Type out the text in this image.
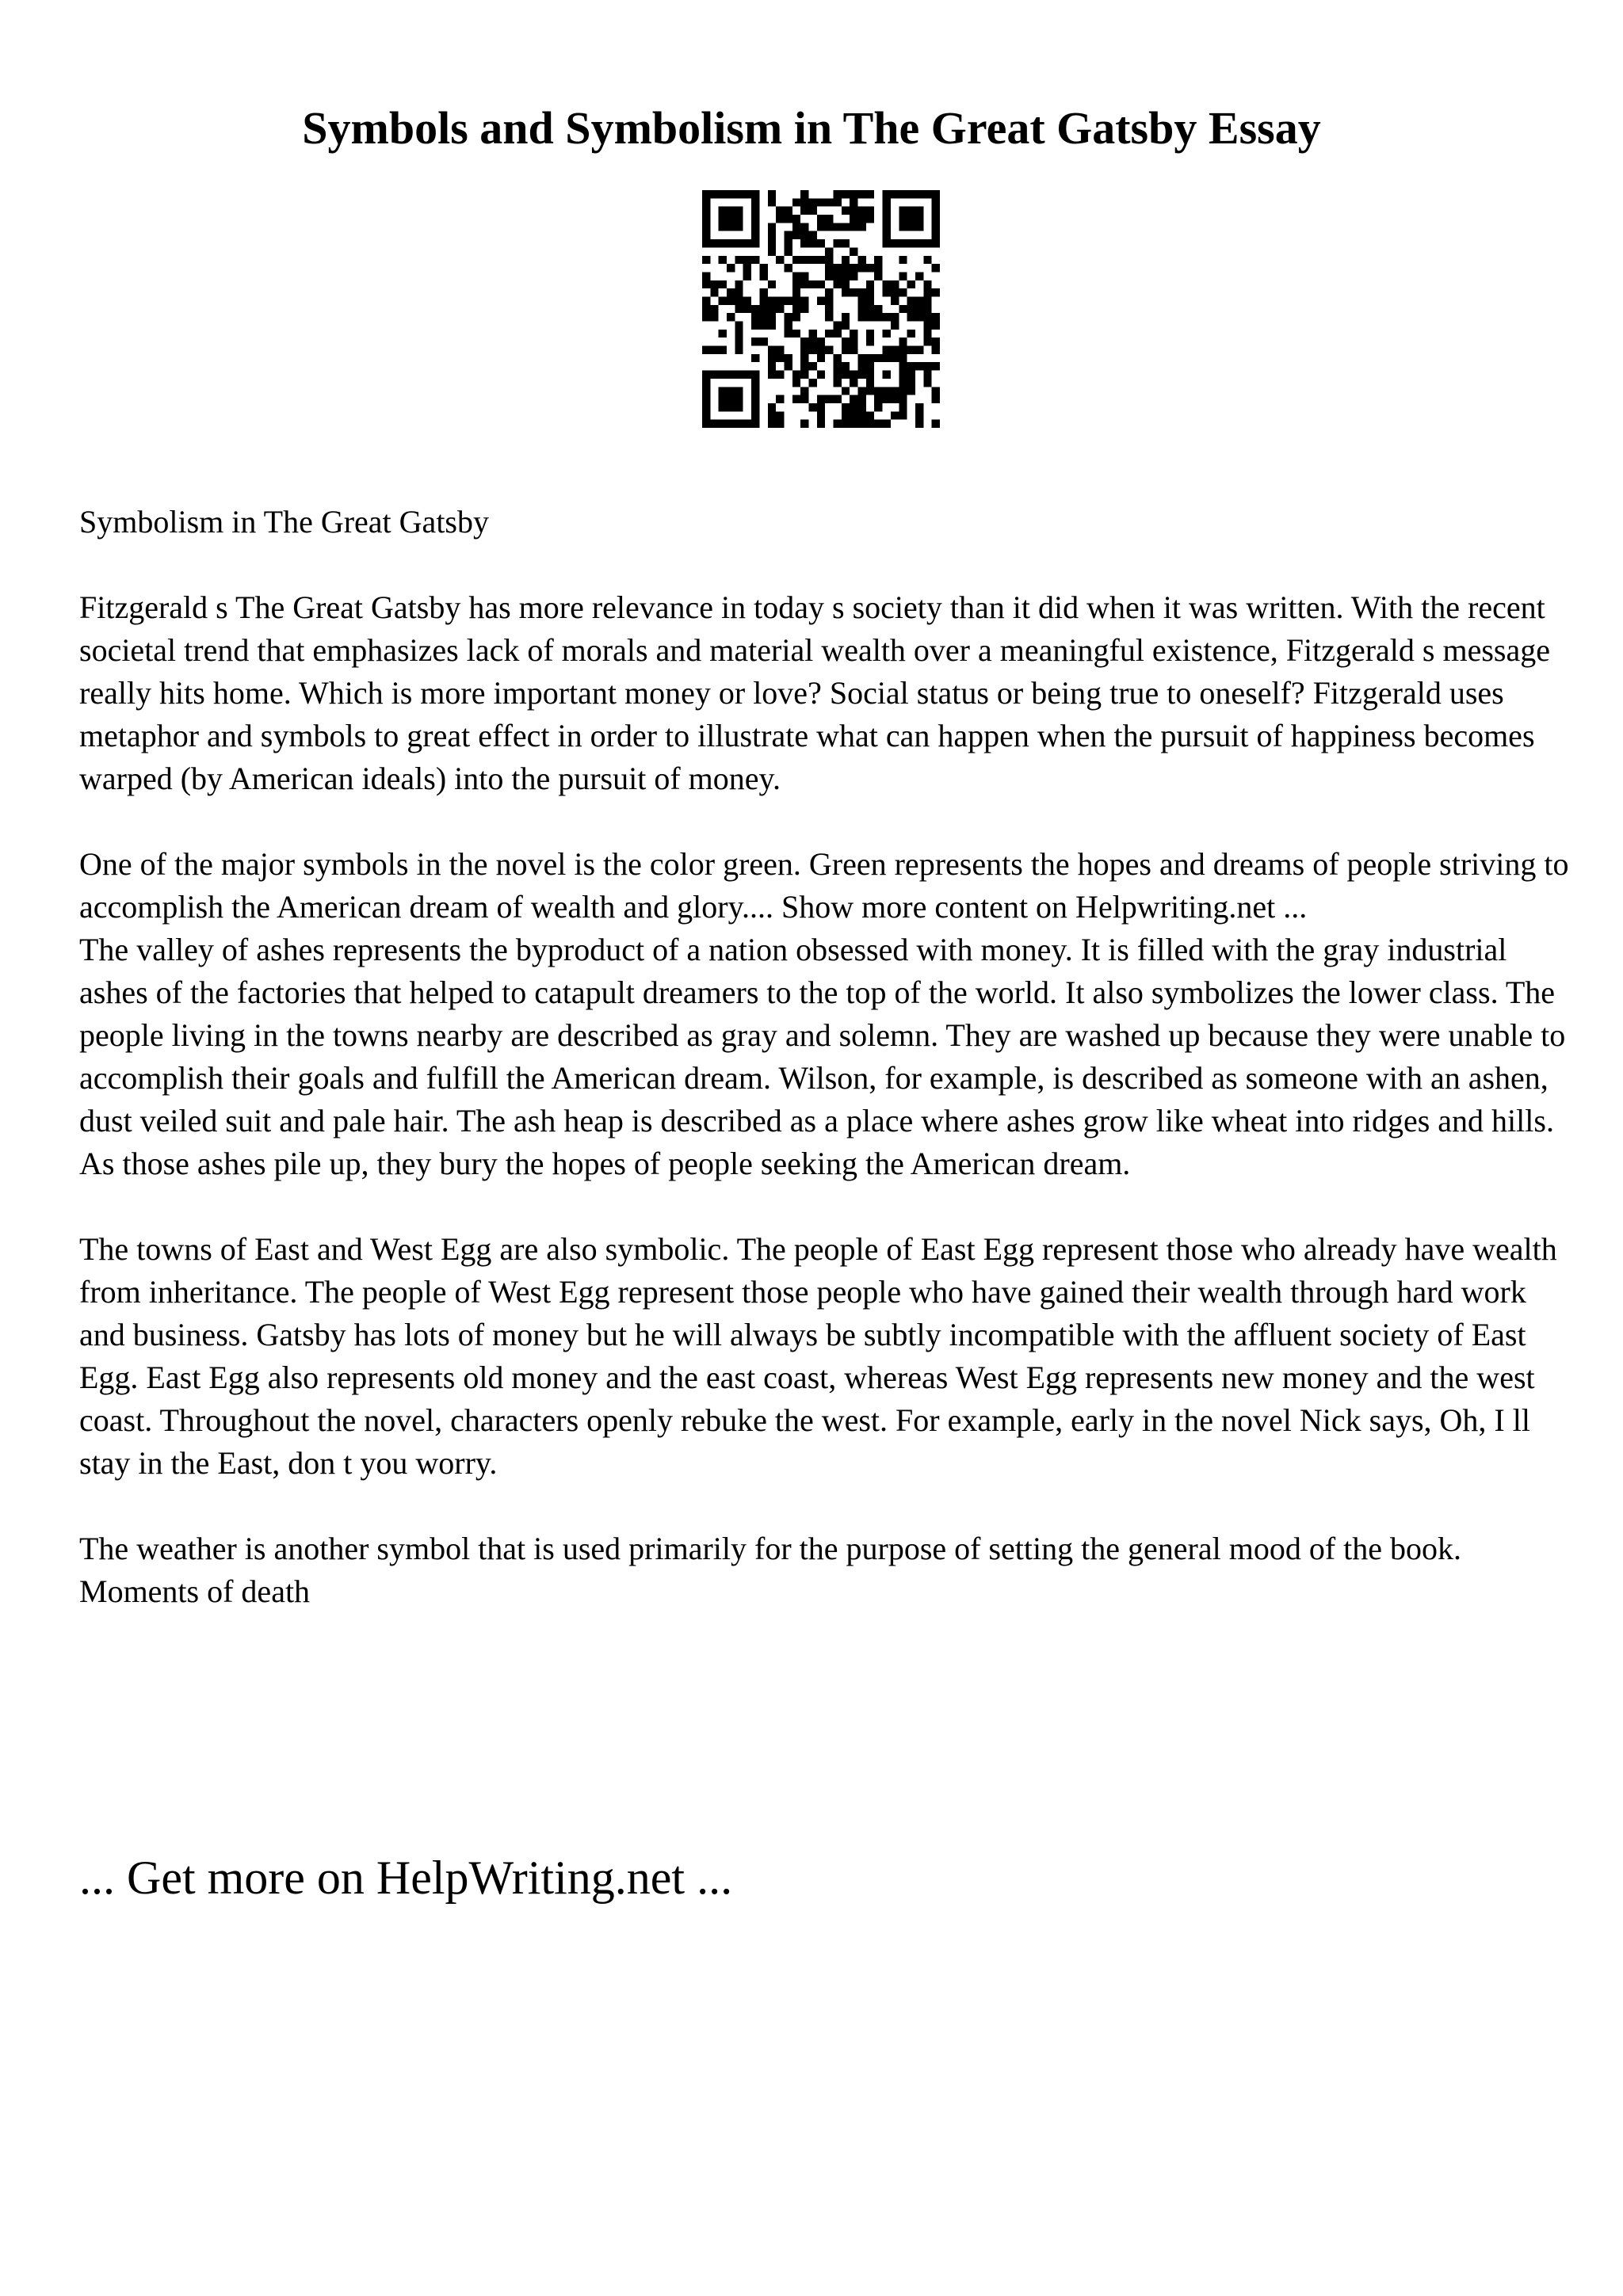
Symbols and Symbolism in The Great Gatsby Essay

Symbolism in The Great Gatsby

Fitzgerald s The Great Gatsby has more relevance in today s society than it did when it was written. With the recent societal trend that emphasizes lack of morals and material wealth over a meaningful existence, Fitzgerald s message really hits home. Which is more important money or love? Social status or being true to oneself? Fitzgerald uses metaphor and symbols to great effect in order to illustrate what can happen when the pursuit of happiness becomes warped (by American ideals) into the pursuit of money.

One of the major symbols in the novel is the color green. Green represents the hopes and dreams of people striving to accomplish the American dream of wealth and glory.... Show more content on Helpwriting.net ...

The valley of ashes represents the byproduct of a nation obsessed with money. It is filled with the gray industrial ashes of the factories that helped to catapult dreamers to the top of the world. It also symbolizes the lower class. The people living in the towns nearby are described as gray and solemn. They are washed up because they were unable to accomplish their goals and fulfill the American dream. Wilson, for example, is described as someone with an ashen, dust veiled suit and pale hair. The ash heap is described as a place where ashes grow like wheat into ridges and hills. As those ashes pile up, they bury the hopes of people seeking the American dream.

The towns of East and West Egg are also symbolic. The people of East Egg represent those who already have wealth from inheritance. The people of West Egg represent those people who have gained their wealth through hard work and business. Gatsby has lots of money but he will always be subtly incompatible with the affluent society of East Egg. East Egg also represents old money and the east coast, whereas West Egg represents new money and the west coast. Throughout the novel, characters openly rebuke the west. For example, early in the novel Nick says, Oh, I ll stay in the East, don t you worry.

The weather is another symbol that is used primarily for the purpose of setting the general mood of the book. Moments of death

... Get more on HelpWriting.net ...
